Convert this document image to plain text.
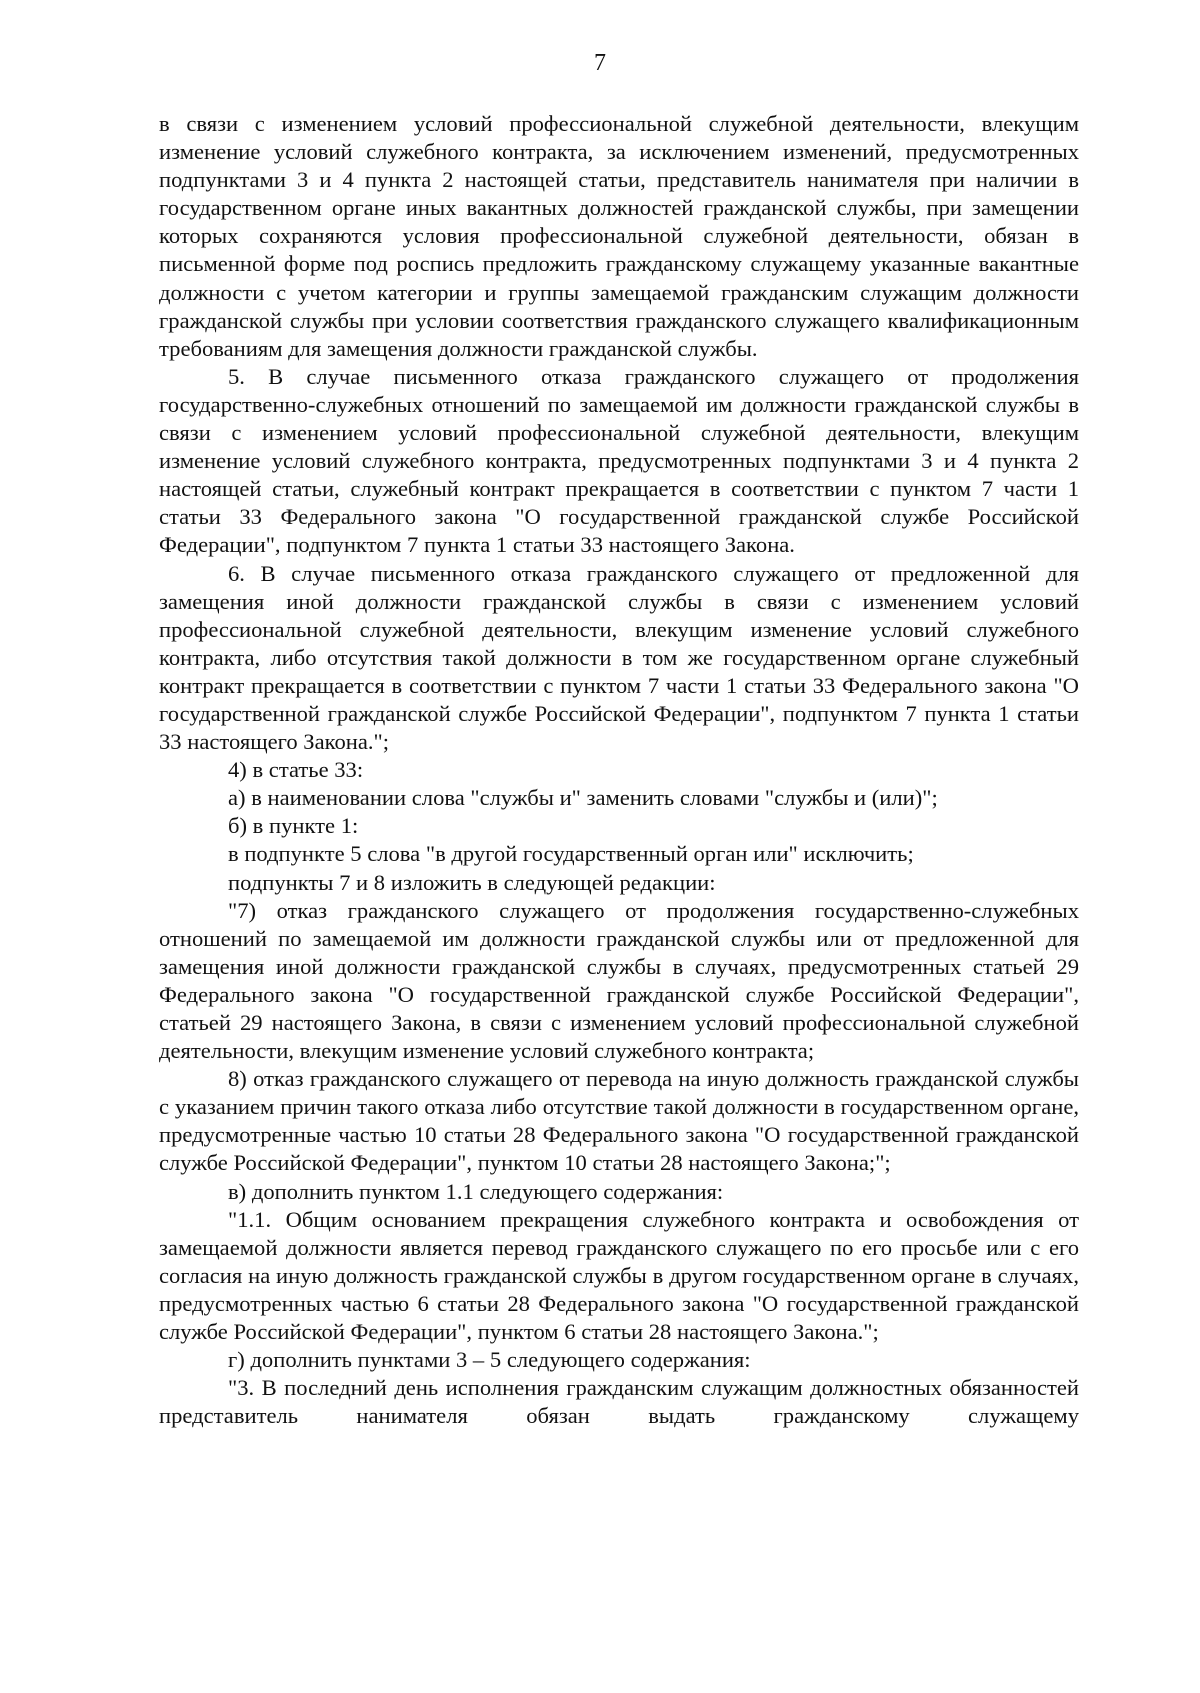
7

в связи с изменением условий профессиональной служебной деятельности, влекущим изменение условий служебного контракта, за исключением изменений, предусмотренных подпунктами 3 и 4 пункта 2 настоящей статьи, представитель нанимателя при наличии в государственном органе иных вакантных должностей гражданской службы, при замещении которых сохраняются условия профессиональной служебной деятельности, обязан в письменной форме под роспись предложить гражданскому служащему указанные вакантные должности с учетом категории и группы замещаемой гражданским служащим должности гражданской службы при условии соответствия гражданского служащего квалификационным требованиям для замещения должности гражданской службы.

5. В случае письменного отказа гражданского служащего от продолжения государственно-служебных отношений по замещаемой им должности гражданской службы в связи с изменением условий профессиональной служебной деятельности, влекущим изменение условий служебного контракта, предусмотренных подпунктами 3 и 4 пункта 2 настоящей статьи, служебный контракт прекращается в соответствии с пунктом 7 части 1 статьи 33 Федерального закона "О государственной гражданской службе Российской Федерации", подпунктом 7 пункта 1 статьи 33 настоящего Закона.

6. В случае письменного отказа гражданского служащего от предложенной для замещения иной должности гражданской службы в связи с изменением условий профессиональной служебной деятельности, влекущим изменение условий служебного контракта, либо отсутствия такой должности в том же государственном органе служебный контракт прекращается в соответствии с пунктом 7 части 1 статьи 33 Федерального закона "О государственной гражданской службе Российской Федерации", подпунктом 7 пункта 1 статьи 33 настоящего Закона.";

4) в статье 33:

а) в наименовании слова "службы и" заменить словами "службы и (или)";

б) в пункте 1:

в подпункте 5 слова "в другой государственный орган или" исключить;

подпункты 7 и 8 изложить в следующей редакции:

"7) отказ гражданского служащего от продолжения государственно-служебных отношений по замещаемой им должности гражданской службы или от предложенной для замещения иной должности гражданской службы в случаях, предусмотренных статьей 29 Федерального закона "О государственной гражданской службе Российской Федерации", статьей 29 настоящего Закона, в связи с изменением условий профессиональной служебной деятельности, влекущим изменение условий служебного контракта;

8) отказ гражданского служащего от перевода на иную должность гражданской службы с указанием причин такого отказа либо отсутствие такой должности в государственном органе, предусмотренные частью 10 статьи 28 Федерального закона "О государственной гражданской службе Российской Федерации", пунктом 10 статьи 28 настоящего Закона;";

в) дополнить пунктом 1.1 следующего содержания:

"1.1. Общим основанием прекращения служебного контракта и освобождения от замещаемой должности является перевод гражданского служащего по его просьбе или с его согласия на иную должность гражданской службы в другом государственном органе в случаях, предусмотренных частью 6 статьи 28 Федерального закона "О государственной гражданской службе Российской Федерации", пунктом 6 статьи 28 настоящего Закона.";

г) дополнить пунктами 3 – 5 следующего содержания:

"3. В последний день исполнения гражданским служащим должностных обязанностей представитель нанимателя обязан выдать гражданскому служащему
